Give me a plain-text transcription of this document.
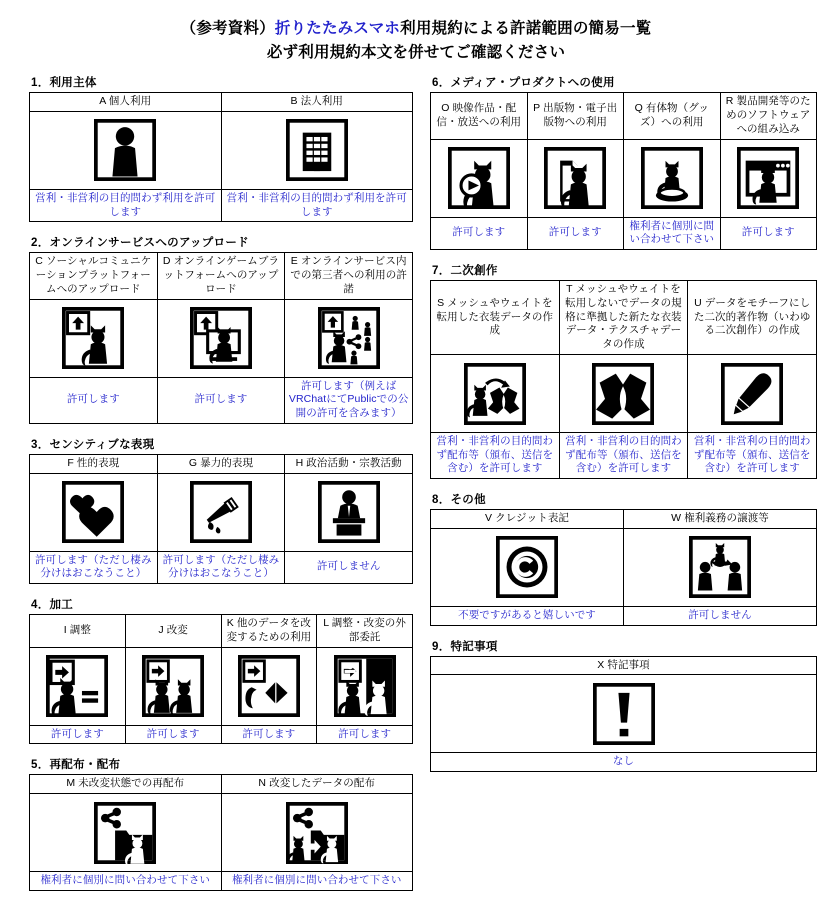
（参考資料）折りたたみスマホ利用規約による許諾範囲の簡易一覧
必ず利用規約本文を併せてご確認ください
1．利用主体
A 個人利用	B 法人利用

営利・非営利の目的問わず利用を許可します	営利・非営利の目的問わず利用を許可します
2．オンラインサービスへのアップロード
C ソーシャルコミュニケーションプラットフォームへのアップロード	D オンラインゲームブラットフォームへのアップロード	E オンラインサービス内での第三者への利用の許諾

許可します	許可します	許可します（例えばVRChatにてPublicでの公開の許可を含みます）
3．センシティブな表現
F 性的表現	G 暴力的表現	H 政治活動・宗教活動

許可します（ただし棲み分けはおこなうこと）	許可します（ただし棲み分けはおこなうこと）	許可しません
4．加工
I 調整	J 改変	K 他のデータを改変するための利用	L 調整・改変の外部委託

許可します	許可します	許可します	許可します
5．再配布・配布
M 未改変状態での再配布	N 改変したデータの配布

権利者に個別に問い合わせて下さい	権利者に個別に問い合わせて下さい
6．メディア・プロダクトへの使用
O 映像作品・配信・放送への利用	P 出版物・電子出版物への利用	Q 有体物（グッズ）への利用	R 製品開発等のためのソフトウェアへの組み込み

許可します	許可します	権利者に個別に問い合わせて下さい	許可します
7．二次創作
S メッシュやウェイトを転用した衣装データの作成	T メッシュやウェイトを転用しないでデータの規格に準拠した新たな衣装データ・テクスチャデータの作成	U データをモチーフにした二次的著作物（いわゆる二次創作）の作成

営利・非営利の目的問わず配布等（頒布、送信を含む）を許可します	営利・非営利の目的問わず配布等（頒布、送信を含む）を許可します	営利・非営利の目的問わず配布等（頒布、送信を含む）を許可します
8．その他
V クレジット表記	W 権利義務の譲渡等

不要ですがあると嬉しいです	許可しません
9．特記事項
X 特記事項

なし
